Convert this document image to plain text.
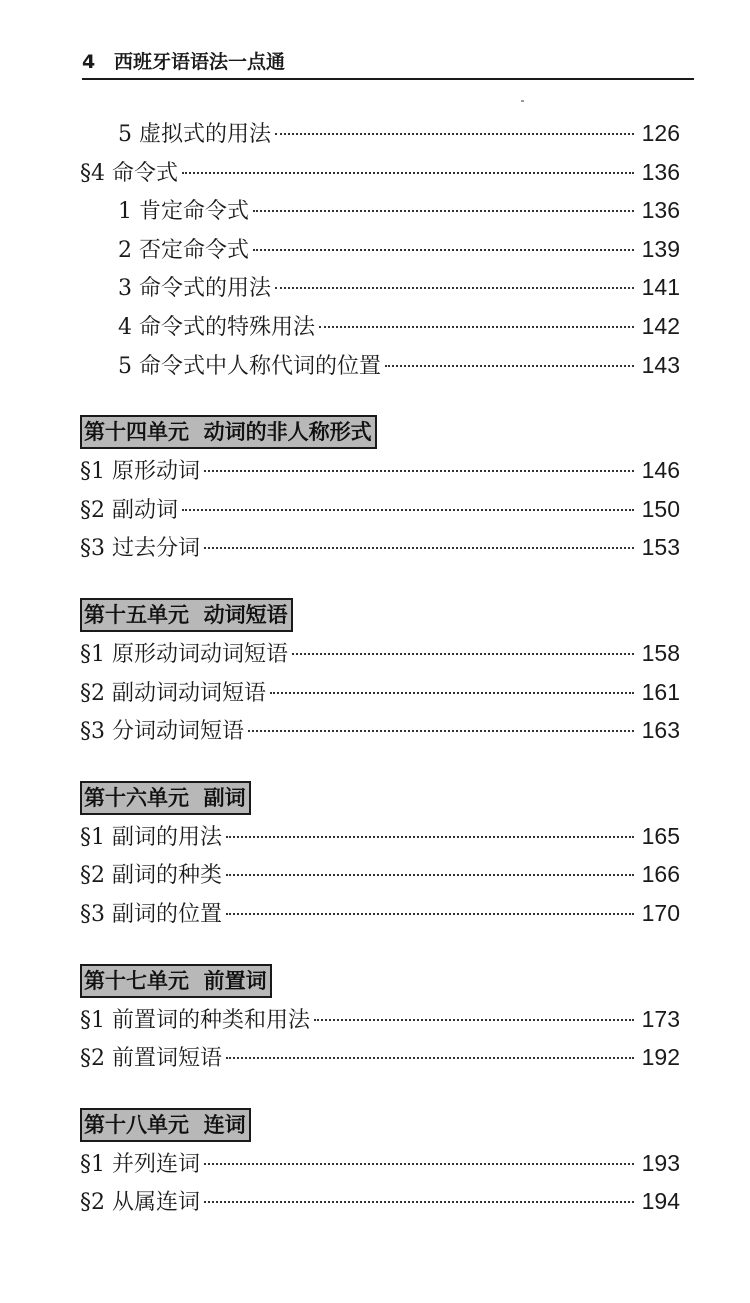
4 西班牙语语法一点通
5 虚拟式的用法	126
§4 命令式	136
1 肯定命令式	136
2 否定命令式	139
3 命令式的用法	141
4 命令式的特殊用法	142
5 命令式中人称代词的位置	143
第十四单元  动词的非人称形式
§1 原形动词	146
§2 副动词	150
§3 过去分词	153
第十五单元  动词短语
§1 原形动词动词短语	158
§2 副动词动词短语	161
§3 分词动词短语	163
第十六单元  副词
§1 副词的用法	165
§2 副词的种类	166
§3 副词的位置	170
第十七单元  前置词
§1 前置词的种类和用法	173
§2 前置词短语	192
第十八单元  连词
§1 并列连词	193
§2 从属连词	194
